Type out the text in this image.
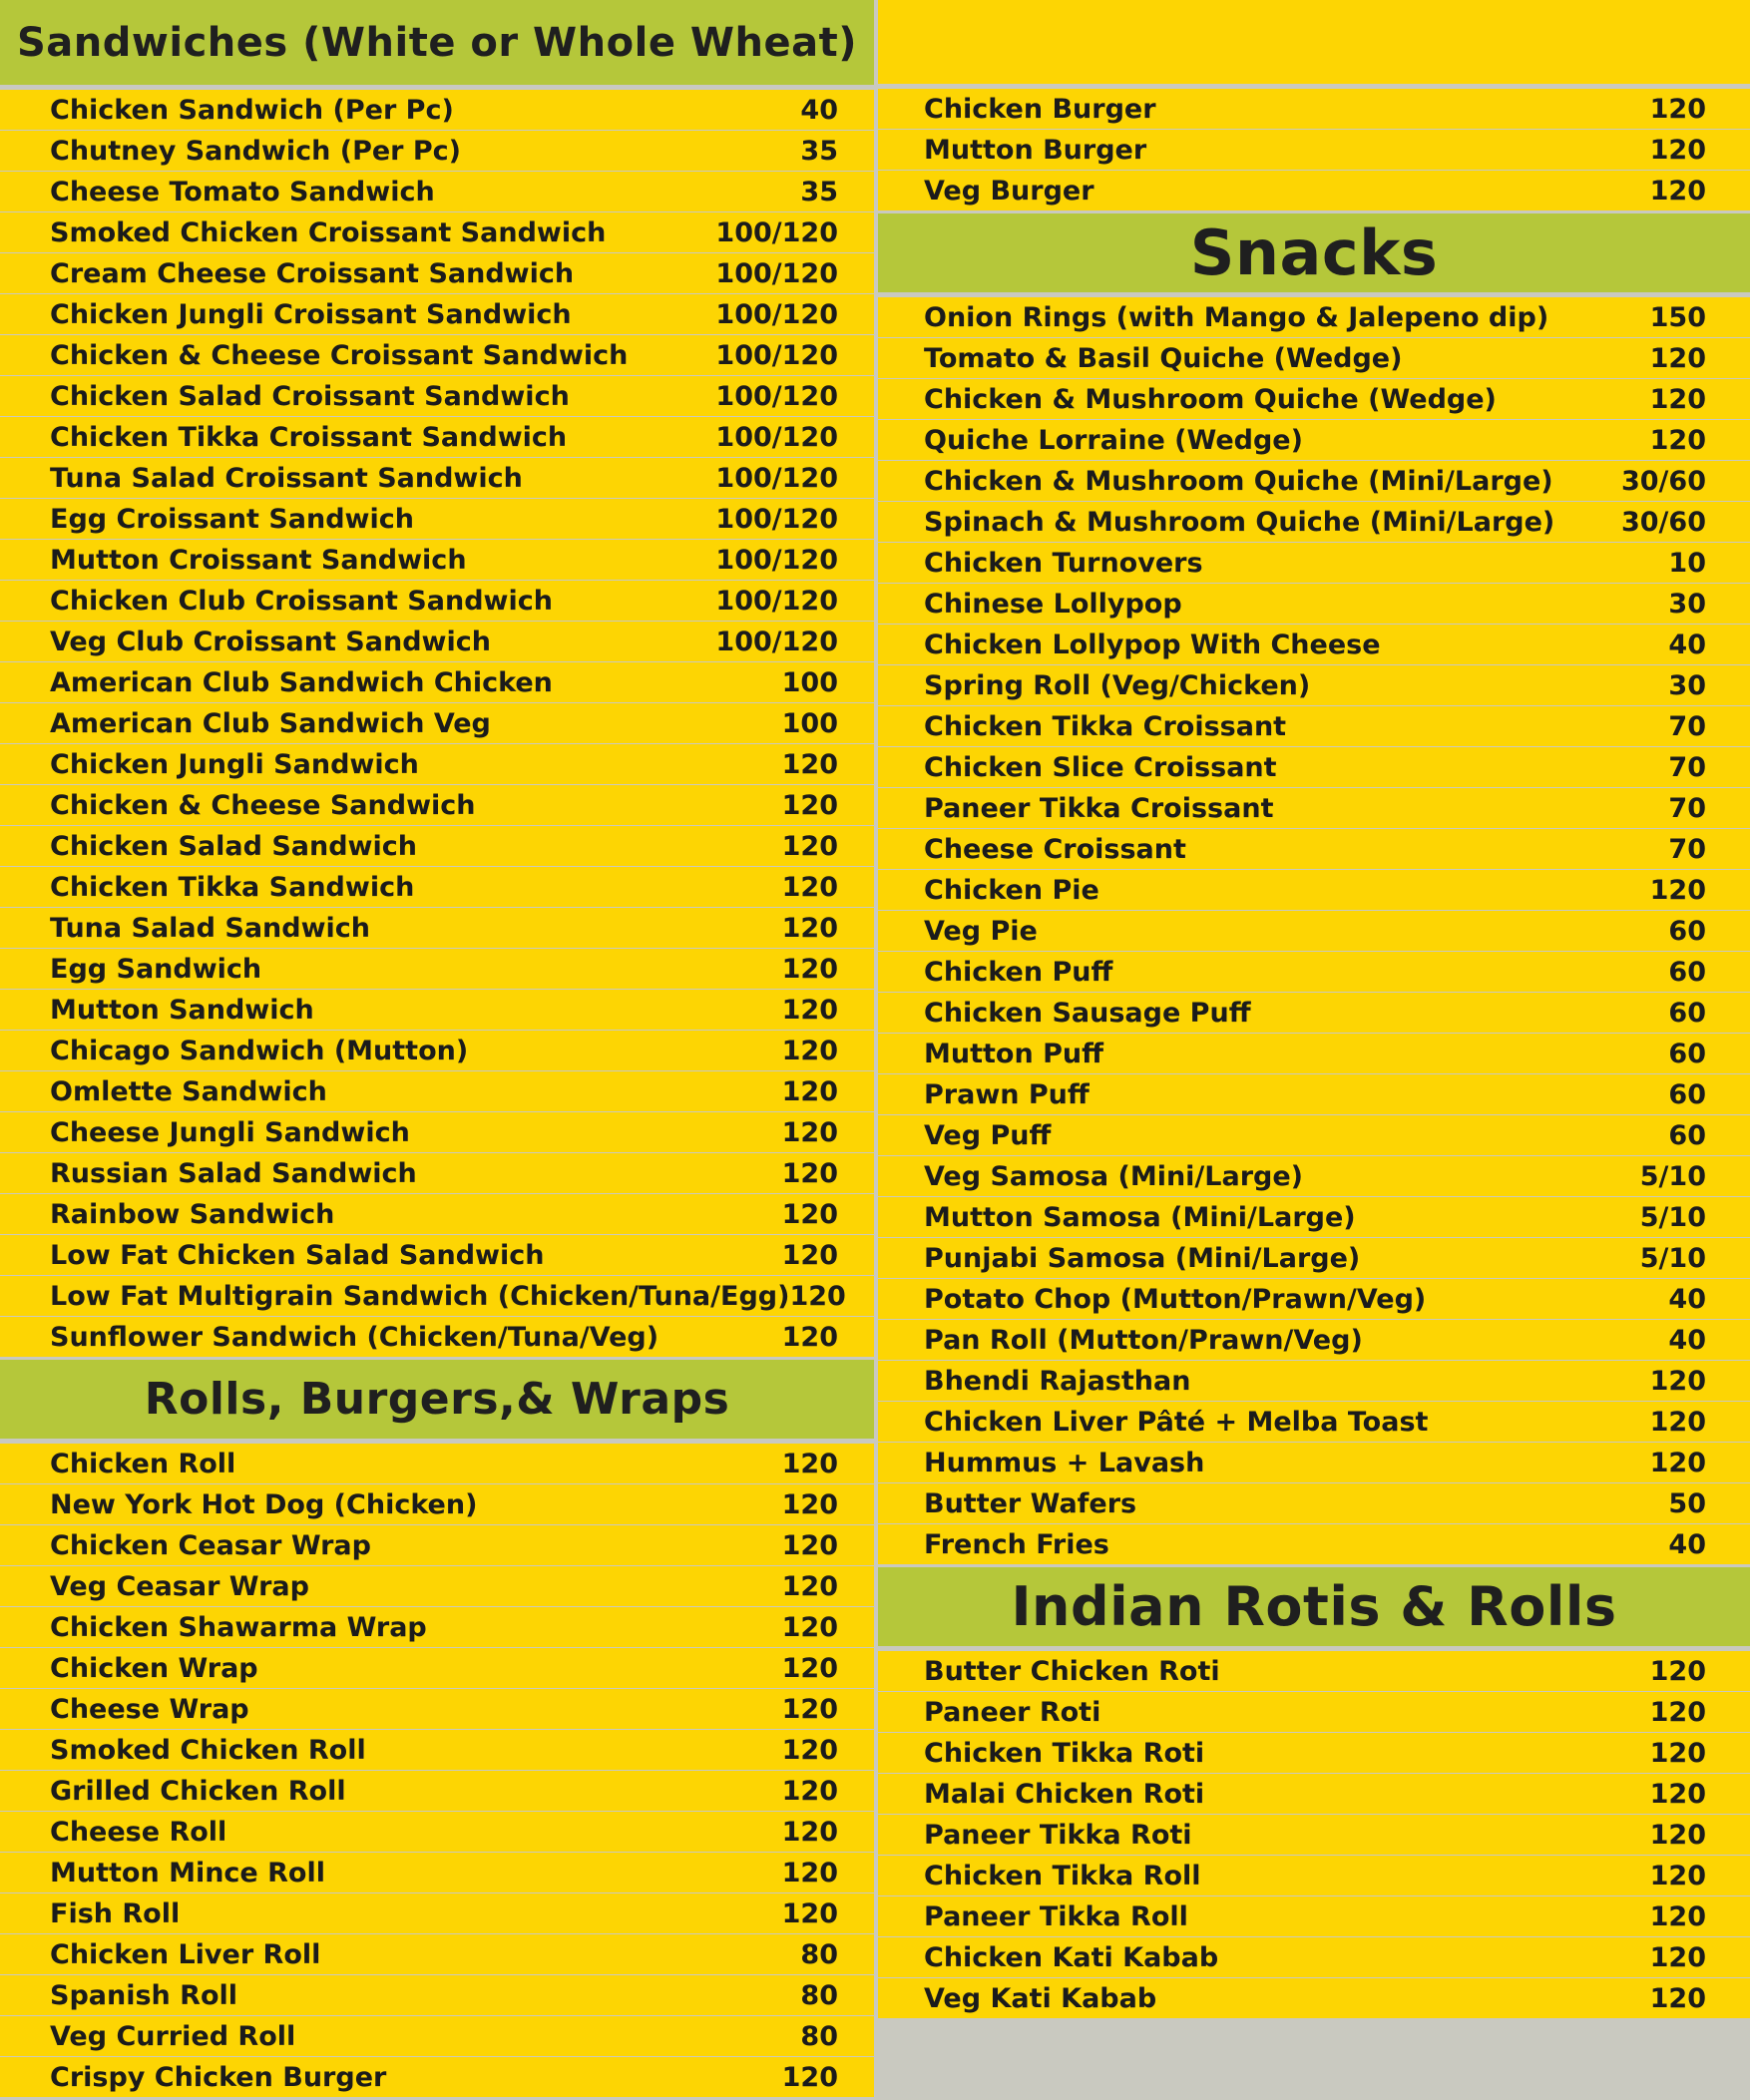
Sandwiches (White or Whole Wheat)
Chicken Sandwich (Per Pc)	40
Chutney Sandwich (Per Pc)	35
Cheese Tomato Sandwich	35
Smoked Chicken Croissant Sandwich	100/120
Cream Cheese Croissant Sandwich	100/120
Chicken Jungli Croissant Sandwich	100/120
Chicken & Cheese Croissant Sandwich	100/120
Chicken Salad Croissant Sandwich	100/120
Chicken Tikka Croissant Sandwich	100/120
Tuna Salad Croissant Sandwich	100/120
Egg Croissant Sandwich	100/120
Mutton Croissant Sandwich	100/120
Chicken Club Croissant Sandwich	100/120
Veg Club Croissant Sandwich	100/120
American Club Sandwich Chicken	100
American Club Sandwich Veg	100
Chicken Jungli Sandwich	120
Chicken & Cheese Sandwich	120
Chicken Salad Sandwich	120
Chicken Tikka Sandwich	120
Tuna Salad Sandwich	120
Egg Sandwich	120
Mutton Sandwich	120
Chicago Sandwich (Mutton)	120
Omlette Sandwich	120
Cheese Jungli Sandwich	120
Russian Salad Sandwich	120
Rainbow Sandwich	120
Low Fat Chicken Salad Sandwich	120
Low Fat Multigrain Sandwich (Chicken/Tuna/Egg) 120
Sunflower Sandwich (Chicken/Tuna/Veg)	120
Rolls, Burgers,& Wraps
Chicken Roll	120
New York Hot Dog (Chicken)	120
Chicken Ceasar Wrap	120
Veg Ceasar Wrap	120
Chicken Shawarma Wrap	120
Chicken Wrap	120
Cheese Wrap	120
Smoked Chicken Roll	120
Grilled Chicken Roll	120
Cheese Roll	120
Mutton Mince Roll	120
Fish Roll	120
Chicken Liver Roll	80
Spanish Roll	80
Veg Curried Roll	80
Crispy Chicken Burger	120
Chicken Burger	120
Mutton Burger	120
Veg Burger	120
Snacks
Onion Rings (with Mango & Jalepeno dip)	150
Tomato & Basil Quiche (Wedge)	120
Chicken & Mushroom Quiche (Wedge)	120
Quiche Lorraine (Wedge)	120
Chicken & Mushroom Quiche (Mini/Large)	30/60
Spinach & Mushroom Quiche (Mini/Large)	30/60
Chicken Turnovers	10
Chinese Lollypop	30
Chicken Lollypop With Cheese	40
Spring Roll (Veg/Chicken)	30
Chicken Tikka Croissant	70
Chicken Slice Croissant	70
Paneer Tikka Croissant	70
Cheese Croissant	70
Chicken Pie	120
Veg Pie	60
Chicken Puff	60
Chicken Sausage Puff	60
Mutton Puff	60
Prawn Puff	60
Veg Puff	60
Veg Samosa (Mini/Large)	5/10
Mutton Samosa (Mini/Large)	5/10
Punjabi Samosa (Mini/Large)	5/10
Potato Chop (Mutton/Prawn/Veg)	40
Pan Roll (Mutton/Prawn/Veg)	40
Bhendi Rajasthan	120
Chicken Liver Pâté + Melba Toast	120
Hummus + Lavash	120
Butter Wafers	50
French Fries	40
Indian Rotis & Rolls
Butter Chicken Roti	120
Paneer Roti	120
Chicken Tikka Roti	120
Malai Chicken Roti	120
Paneer Tikka Roti	120
Chicken Tikka Roll	120
Paneer Tikka Roll	120
Chicken Kati Kabab	120
Veg Kati Kabab	120
